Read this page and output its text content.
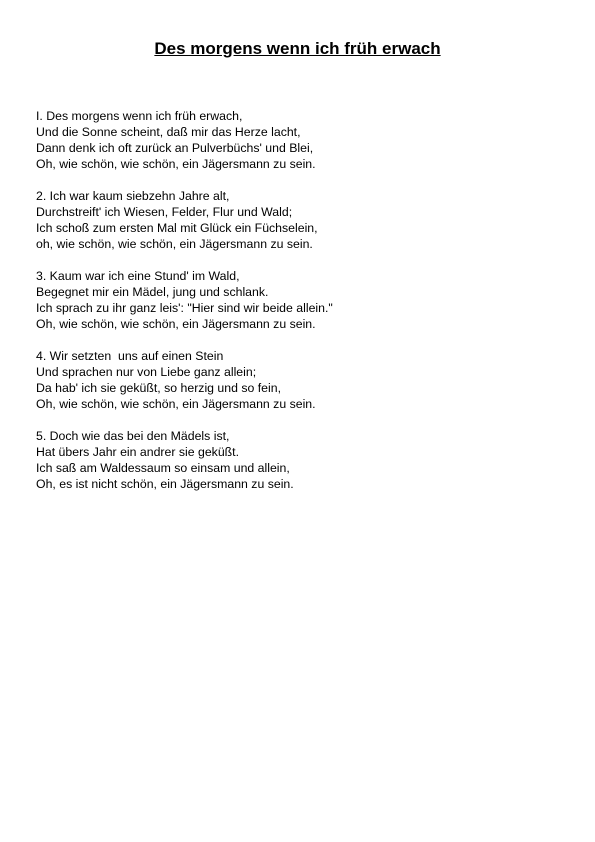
Des morgens wenn ich früh erwach
I. Des morgens wenn ich früh erwach,
Und die Sonne scheint, daß mir das Herze lacht,
Dann denk ich oft zurück an Pulverbüchs' und Blei,
Oh, wie schön, wie schön, ein Jägersmann zu sein.
2. Ich war kaum siebzehn Jahre alt,
Durchstreift' ich Wiesen, Felder, Flur und Wald;
Ich schoß zum ersten Mal mit Glück ein Füchselein,
oh, wie schön, wie schön, ein Jägersmann zu sein.
3. Kaum war ich eine Stund' im Wald,
Begegnet mir ein Mädel, jung und schlank.
Ich sprach zu ihr ganz leis': "Hier sind wir beide allein."
Oh, wie schön, wie schön, ein Jägersmann zu sein.
4. Wir setzten  uns auf einen Stein
Und sprachen nur von Liebe ganz allein;
Da hab' ich sie geküßt, so herzig und so fein,
Oh, wie schön, wie schön, ein Jägersmann zu sein.
5. Doch wie das bei den Mädels ist,
Hat übers Jahr ein andrer sie geküßt.
Ich saß am Waldessaum so einsam und allein,
Oh, es ist nicht schön, ein Jägersmann zu sein.
